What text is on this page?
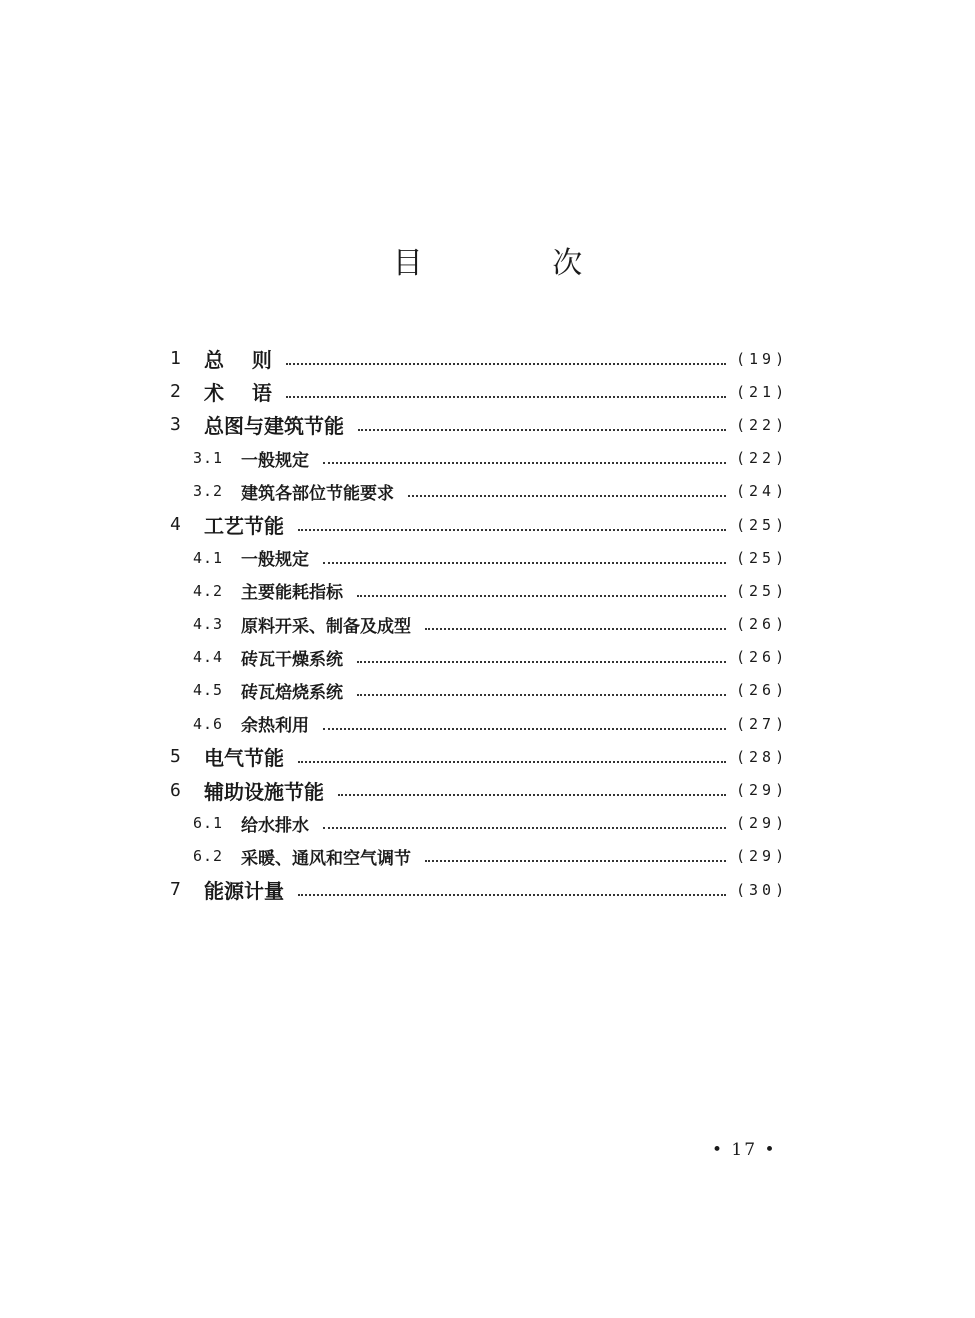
目 次
1	总    则	(19)
2	术    语	(21)
3	总图与建筑节能	(22)
3.1	一般规定	(22)
3.2	建筑各部位节能要求	(24)
4	工艺节能	(25)
4.1	一般规定	(25)
4.2	主要能耗指标	(25)
4.3	原料开采、制备及成型	(26)
4.4	砖瓦干燥系统	(26)
4.5	砖瓦焙烧系统	(26)
4.6	余热利用	(27)
5	电气节能	(28)
6	辅助设施节能	(29)
6.1	给水排水	(29)
6.2	采暖、通风和空气调节	(29)
7	能源计量	(30)
• 17 •
